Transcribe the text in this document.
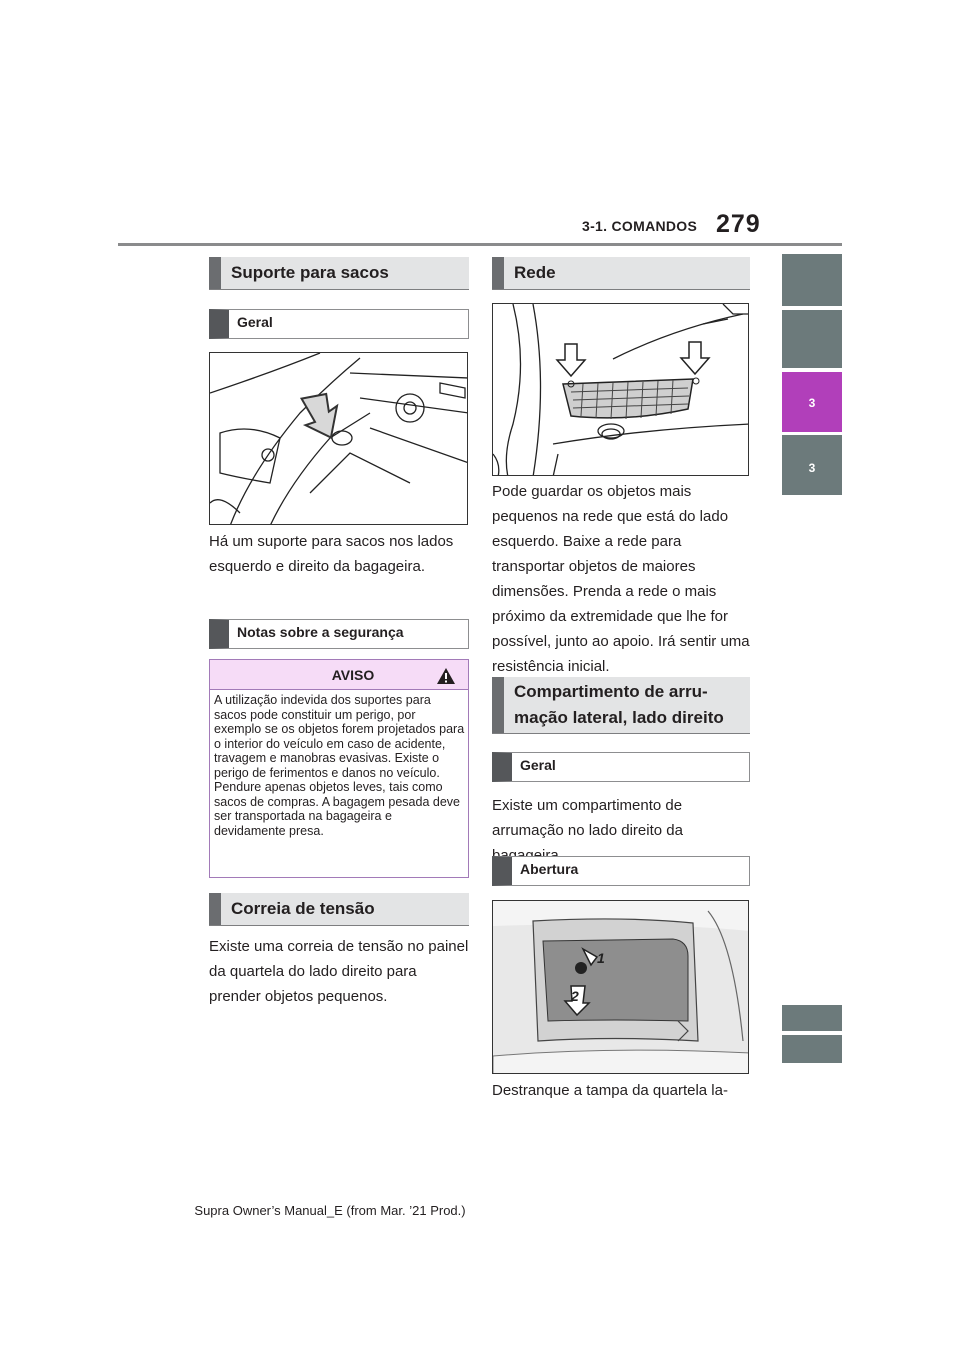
3-1. COMANDOS 279
3
3
Suporte para sacos
Geral
Há um suporte para sacos nos lados esquerdo e direito da bagageira.
Notas sobre a segurança
AVISO
A utilização indevida dos suportes para sacos pode constituir um perigo, por exemplo se os objetos forem projetados para o interior do veículo em caso de acidente, travagem e manobras evasivas. Existe o perigo de ferimentos e danos no veículo. Pendure apenas objetos leves, tais como sacos de compras. A bagagem pesada deve ser transportada na bagageira e devidamente presa.
Correia de tensão
Existe uma correia de tensão no painel da quartela do lado direito para prender objetos pequenos.
Rede
Pode guardar os objetos mais pequenos na rede que está do lado esquerdo. Baixe a rede para transportar objetos de maiores dimensões. Prenda a rede o mais próximo da extremidade que lhe for possível, junto ao apoio. Irá sentir uma resistência inicial.
Compartimento de arru-
mação lateral, lado direito
Geral
Existe um compartimento de arrumação no lado direito da
Abertura
1
2
Destranque a tampa da quartela la-
Supra Owner’s Manual_E (from Mar. ’21 Prod.)
